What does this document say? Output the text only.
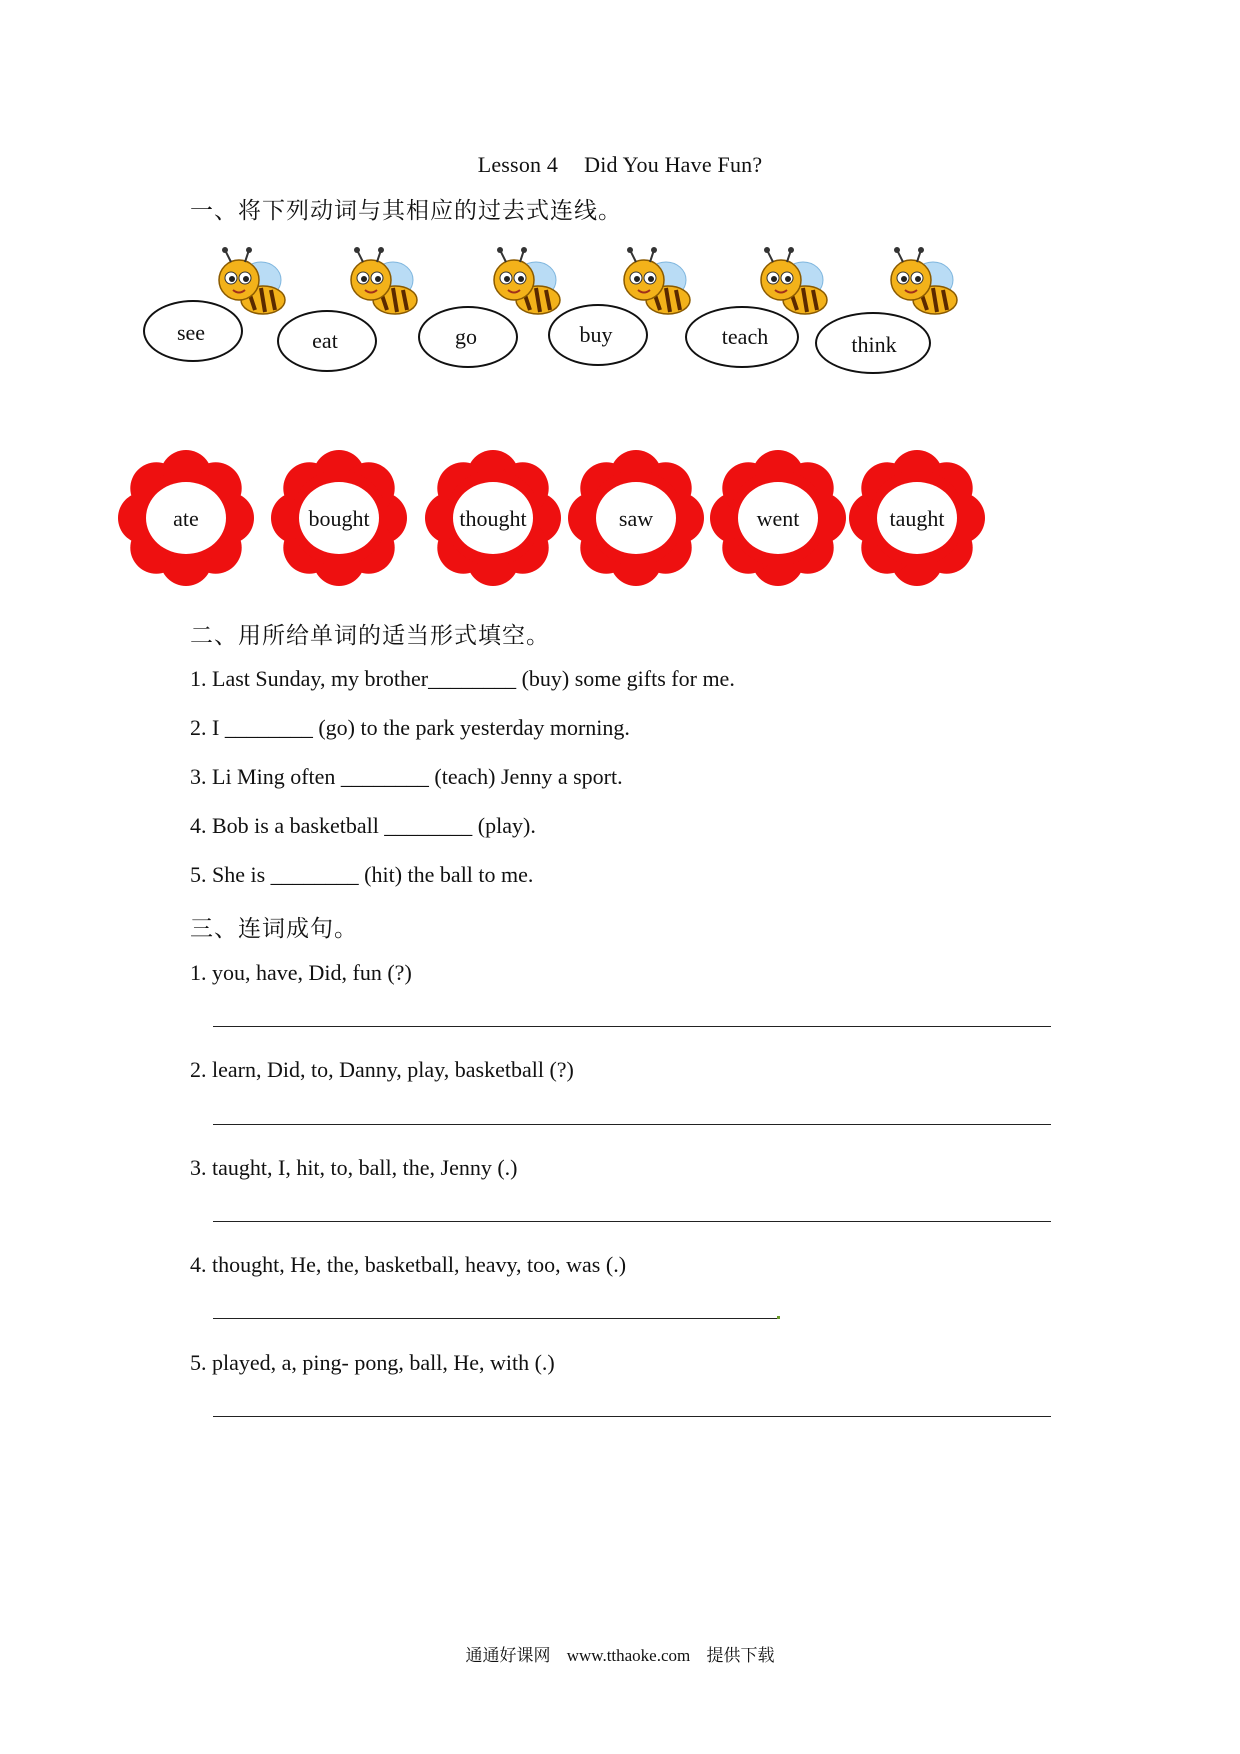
Lesson 4 Did You Have Fun?
一、将下列动词与其相应的过去式连线。
see	eat	go	buy	teach	think
ate	bought	thought	saw	went	taught
二、用所给单词的适当形式填空。
1. Last Sunday, my brother________ (buy) some gifts for me.
2. I ________ (go) to the park yesterday morning.
3. Li Ming often ________ (teach) Jenny a sport.
4. Bob is a basketball ________ (play).
5. She is ________ (hit) the ball to me.
三、连词成句。
1. you, have, Did, fun (?)
2. learn, Did, to, Danny, play, basketball (?)
3. taught, I, hit, to, ball, the, Jenny (.)
4. thought, He, the, basketball, heavy, too, was (.)
5. played, a, ping- pong, ball, He, with (.)
通通好课网 www.tthaoke.com 提供下载
